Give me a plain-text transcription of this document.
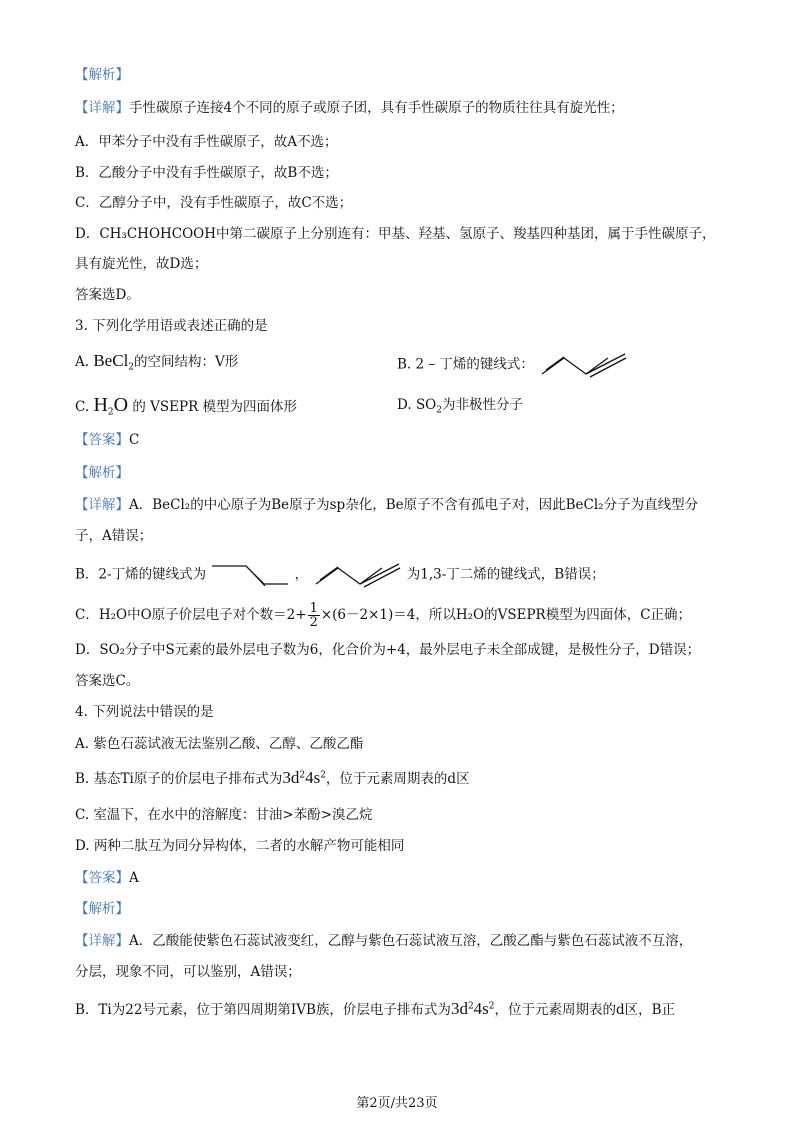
【解析】
【详解】手性碳原子连接4个不同的原子或原子团，具有手性碳原子的物质往往具有旋光性；
A．甲苯分子中没有手性碳原子，故A不选；
B．乙酸分子中没有手性碳原子，故B不选；
C．乙醇分子中，没有手性碳原子，故C不选；
D．CH₃CHOHCOOH中第二碳原子上分别连有：甲基、羟基、氢原子、羧基四种基团，属于手性碳原子，
具有旋光性，故D选；
答案选D。
3. 下列化学用语或表述正确的是
A. BeCl$_2$的空间结构：V形	B. 2 – 丁烯的键线式：
C. $H_2O$ 的 VSEPR 模型为四面体形	D. $SO_2$为非极性分子
【答案】C
【解析】
【详解】A．BeCl₂的中心原子为Be原子为sp杂化，Be原子不含有孤电子对，因此BeCl₂分子为直线型分
子，A错误；
B．2-丁烯的键线式为	，	为1,3-丁二烯的键线式，B错误；
C．H₂O中O原子价层电子对个数$=2+ \frac{1}{2} \times(6-2\times 1)=4$，所以H₂O的VSEPR模型为四面体，C正确；
D．SO₂分子中S元素的最外层电子数为6，化合价为+4，最外层电子未全部成键，是极性分子，D错误；
答案选C。
4. 下列说法中错误的是
A. 紫色石蕊试液无法鉴别乙酸、乙醇、乙酸乙酯
B. 基态Ti原子的价层电子排布式为$3d^24s^2$，位于元素周期表的d区
C. 室温下，在水中的溶解度：甘油>苯酚>溴乙烷
D. 两种二肽互为同分异构体，二者的水解产物可能相同
【答案】A
【解析】
【详解】A．乙酸能使紫色石蕊试液变红，乙醇与紫色石蕊试液互溶，乙酸乙酯与紫色石蕊试液不互溶，
分层，现象不同，可以鉴别，A错误；
B．Ti为22号元素，位于第四周期第IVB族，价层电子排布式为$3d^24s^2$，位于元素周期表的d区，B正
第2页/共23页
